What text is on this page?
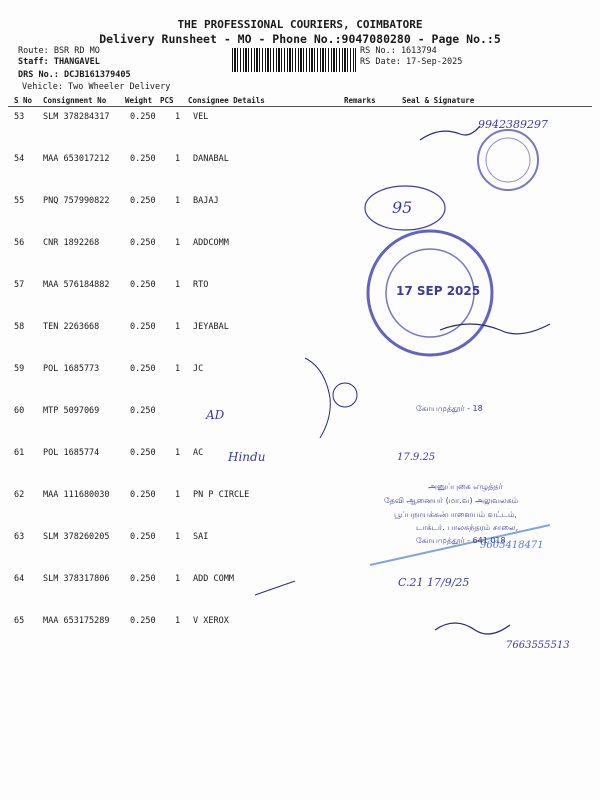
THE PROFESSIONAL COURIERS, COIMBATORE
Delivery Runsheet - MO - Phone No.:9047080280 - Page No.:5
Route: BSR RD MO
Staff: THANGAVEL
DRS No.: DCJB161379405
Vehicle: Two Wheeler Delivery
RS No.: 1613794
RS Date: 17-Sep-2025
S No Consignment No	Weight PCS Consignee Details	Remarks	Seal & Signature
53 SLM 378284317 0.250 1 VEL
54 MAA 653017212 0.250 1 DANABAL
55 PNQ 757990822 0.250 1 BAJAJ
56 CNR 1892268	0.250 1 ADDCOMM
57 MAA 576184882 0.250 1 RTO
58 TEN 2263668	0.250 1 JEYABAL
59 POL 1685773	0.250 1 JC
60 MTP 5097069	0.250
61 POL 1685774	0.250 1 AC
62 MAA 111680030 0.250 1 PN P CIRCLE
63 SLM 378260205 0.250 1 SAI
64 SLM 378317806 0.250 1 ADD COMM
65 MAA 653175289 0.250 1 V XEROX
9942389297
95
AD
Hindu	17.9.25
C.21 17/9/25
7663555513
9605418471
17 SEP 2025
அனுப்புகை எழுத்தர்
தேவி ஆனையர் (மா.வ) அலுவலகம்
பூப்பநாயக்கன்பாளையம் வட்டம்,
டாக்டர். பாலசுந்தரம் சாலை,
கோயமுத்தூர் - 641 018
கோயமுத்தூர் - 18
